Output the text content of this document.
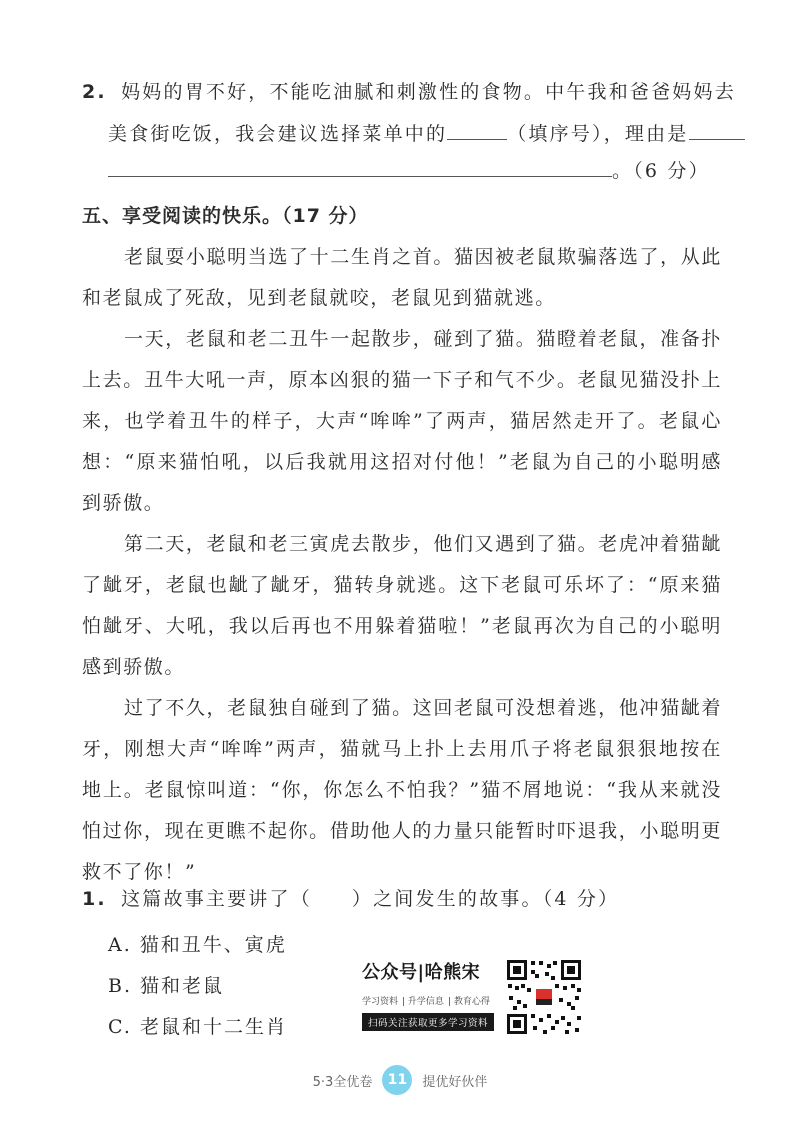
2. 妈妈的胃不好，不能吃油腻和刺激性的食物。中午我和爸爸妈妈去
美食街吃饭，我会建议选择菜单中的	（填序号），理由是
。（6 分）
五、享受阅读的快乐。（17 分）

老鼠耍小聪明当选了十二生肖之首。猫因被老鼠欺骗落选了，从此和老鼠成了死敌，见到老鼠就咬，老鼠见到猫就逃。

一天，老鼠和老二丑牛一起散步，碰到了猫。猫瞪着老鼠，准备扑上去。丑牛大吼一声，原本凶狠的猫一下子和气不少。老鼠见猫没扑上来，也学着丑牛的样子，大声“哞哞”了两声，猫居然走开了。老鼠心想：“原来猫怕吼，以后我就用这招对付他！”老鼠为自己的小聪明感到骄傲。

第二天，老鼠和老三寅虎去散步，他们又遇到了猫。老虎冲着猫龇了龇牙，老鼠也龇了龇牙，猫转身就逃。这下老鼠可乐坏了：“原来猫怕龇牙、大吼，我以后再也不用躲着猫啦！”老鼠再次为自己的小聪明感到骄傲。

过了不久，老鼠独自碰到了猫。这回老鼠可没想着逃，他冲猫龇着牙，刚想大声“哞哞”两声，猫就马上扑上去用爪子将老鼠狠狠地按在地上。老鼠惊叫道：“你，你怎么不怕我？”猫不屑地说：“我从来就没怕过你，现在更瞧不起你。借助他人的力量只能暂时吓退我，小聪明更救不了你！”

1. 这篇故事主要讲了（ ）之间发生的故事。（4 分）
A. 猫和丑牛、寅虎
B. 猫和老鼠
C. 老鼠和十二生肖
公众号|哈熊宋
学习资料 | 升学信息 | 教育心得
扫码关注获取更多学习资料
5·3全优卷	11	提优好伙伴
